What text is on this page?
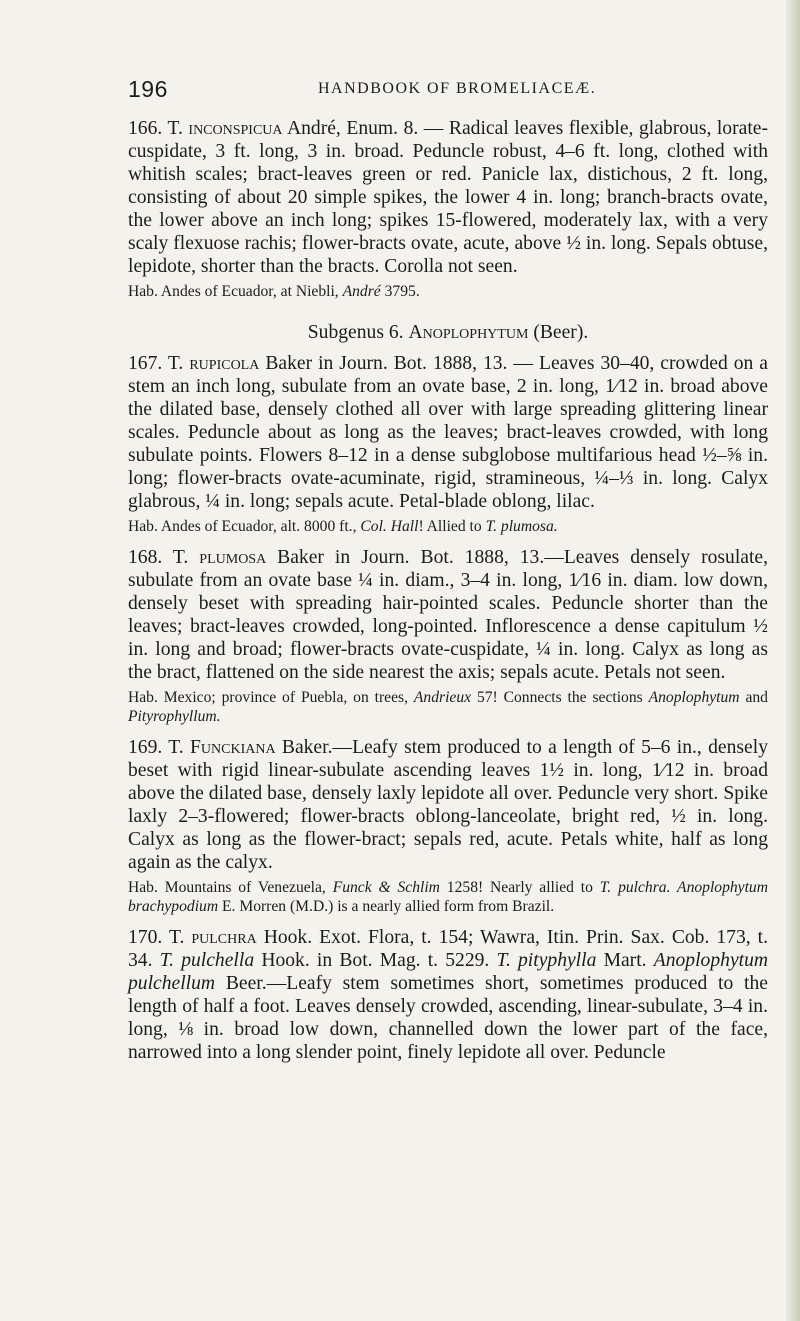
196	HANDBOOK OF BROMELIACEÆ.

166. T. inconspicua André, Enum. 8. — Radical leaves flexible, glabrous, lorate-cuspidate, 3 ft. long, 3 in. broad. Peduncle robust, 4–6 ft. long, clothed with whitish scales; bract-leaves green or red. Panicle lax, distichous, 2 ft. long, consisting of about 20 simple spikes, the lower 4 in. long; branch-bracts ovate, the lower above an inch long; spikes 15-flowered, moderately lax, with a very scaly flexuose rachis; flower-bracts ovate, acute, above ½ in. long. Sepals obtuse, lepidote, shorter than the bracts. Corolla not seen.

Hab. Andes of Ecuador, at Niebli, André 3795.

Subgenus 6. Anoplophytum (Beer).

167. T. rupicola Baker in Journ. Bot. 1888, 13. — Leaves 30–40, crowded on a stem an inch long, subulate from an ovate base, 2 in. long, 1⁄12 in. broad above the dilated base, densely clothed all over with large spreading glittering linear scales. Peduncle about as long as the leaves; bract-leaves crowded, with long subulate points. Flowers 8–12 in a dense subglobose multifarious head ½–⅝ in. long; flower-bracts ovate-acuminate, rigid, stramineous, ¼–⅓ in. long. Calyx glabrous, ¼ in. long; sepals acute. Petal-blade oblong, lilac.

Hab. Andes of Ecuador, alt. 8000 ft., Col. Hall! Allied to T. plumosa.

168. T. plumosa Baker in Journ. Bot. 1888, 13.—Leaves densely rosulate, subulate from an ovate base ¼ in. diam., 3–4 in. long, 1⁄16 in. diam. low down, densely beset with spreading hair-pointed scales. Peduncle shorter than the leaves; bract-leaves crowded, long-pointed. Inflorescence a dense capitulum ½ in. long and broad; flower-bracts ovate-cuspidate, ¼ in. long. Calyx as long as the bract, flattened on the side nearest the axis; sepals acute. Petals not seen.

Hab. Mexico; province of Puebla, on trees, Andrieux 57! Connects the sections Anoplophytum and Pityrophyllum.

169. T. Funckiana Baker.—Leafy stem produced to a length of 5–6 in., densely beset with rigid linear-subulate ascending leaves 1½ in. long, 1⁄12 in. broad above the dilated base, densely laxly lepidote all over. Peduncle very short. Spike laxly 2–3-flowered; flower-bracts oblong-lanceolate, bright red, ½ in. long. Calyx as long as the flower-bract; sepals red, acute. Petals white, half as long again as the calyx.

Hab. Mountains of Venezuela, Funck & Schlim 1258! Nearly allied to T. pulchra. Anoplophytum brachypodium E. Morren (M.D.) is a nearly allied form from Brazil.

170. T. pulchra Hook. Exot. Flora, t. 154; Wawra, Itin. Prin. Sax. Cob. 173, t. 34. T. pulchella Hook. in Bot. Mag. t. 5229. T. pityphylla Mart. Anoplophytum pulchellum Beer.—Leafy stem sometimes short, sometimes produced to the length of half a foot. Leaves densely crowded, ascending, linear-subulate, 3–4 in. long, ⅛ in. broad low down, channelled down the lower part of the face, narrowed into a long slender point, finely lepidote all over. Peduncle
